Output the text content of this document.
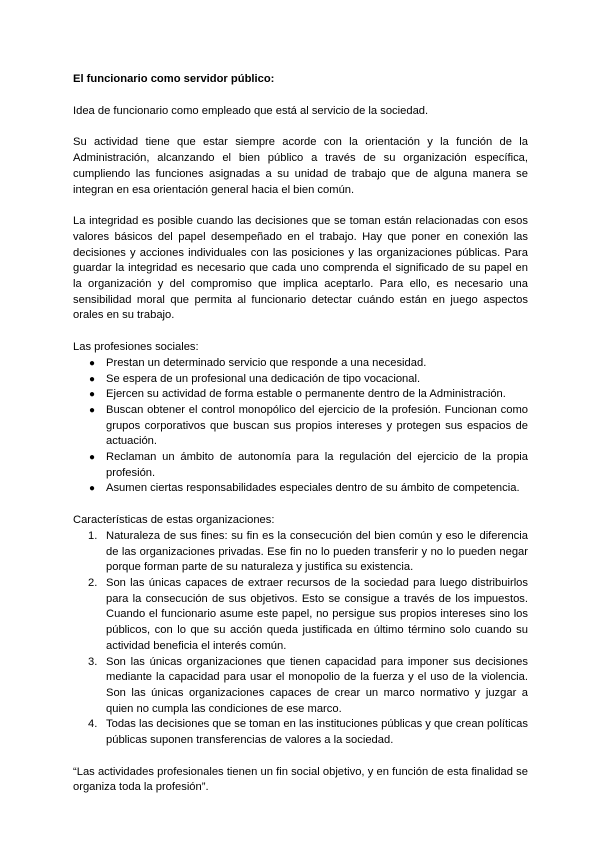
El funcionario como servidor público:

Idea de funcionario como empleado que está al servicio de la sociedad.

Su actividad tiene que estar siempre acorde con la orientación y la función de la Administración, alcanzando el bien público a través de su organización específica, cumpliendo las funciones asignadas a su unidad de trabajo que de alguna manera se integran en esa orientación general hacia el bien común.

La integridad es posible cuando las decisiones que se toman están relacionadas con esos valores básicos del papel desempeñado en el trabajo. Hay que poner en conexión las decisiones y acciones individuales con las posiciones y las organizaciones públicas. Para guardar la integridad es necesario que cada uno comprenda el significado de su papel en la organización y del compromiso que implica aceptarlo. Para ello, es necesario una sensibilidad moral que permita al funcionario detectar cuándo están en juego aspectos orales en su trabajo.

Las profesiones sociales:

● Prestan un determinado servicio que responde a una necesidad.
● Se espera de un profesional una dedicación de tipo vocacional.
● Ejercen su actividad de forma estable o permanente dentro de la Administración.
● Buscan obtener el control monopólico del ejercicio de la profesión. Funcionan como grupos corporativos que buscan sus propios intereses y protegen sus espacios de actuación.
● Reclaman un ámbito de autonomía para la regulación del ejercicio de la propia profesión.
● Asumen ciertas responsabilidades especiales dentro de su ámbito de competencia.

Características de estas organizaciones:

1. Naturaleza de sus fines: su fin es la consecución del bien común y eso le diferencia de las organizaciones privadas. Ese fin no lo pueden transferir y no lo pueden negar porque forman parte de su naturaleza y justifica su existencia.
2. Son las únicas capaces de extraer recursos de la sociedad para luego distribuirlos para la consecución de sus objetivos. Esto se consigue a través de los impuestos. Cuando el funcionario asume este papel, no persigue sus propios intereses sino los públicos, con lo que su acción queda justificada en último término solo cuando su actividad beneficia el interés común.
3. Son las únicas organizaciones que tienen capacidad para imponer sus decisiones mediante la capacidad para usar el monopolio de la fuerza y el uso de la violencia. Son las únicas organizaciones capaces de crear un marco normativo y juzgar a quien no cumpla las condiciones de ese marco.
4. Todas las decisiones que se toman en las instituciones públicas y que crean políticas públicas suponen transferencias de valores a la sociedad.

“Las actividades profesionales tienen un fin social objetivo, y en función de esta finalidad se organiza toda la profesión”.
